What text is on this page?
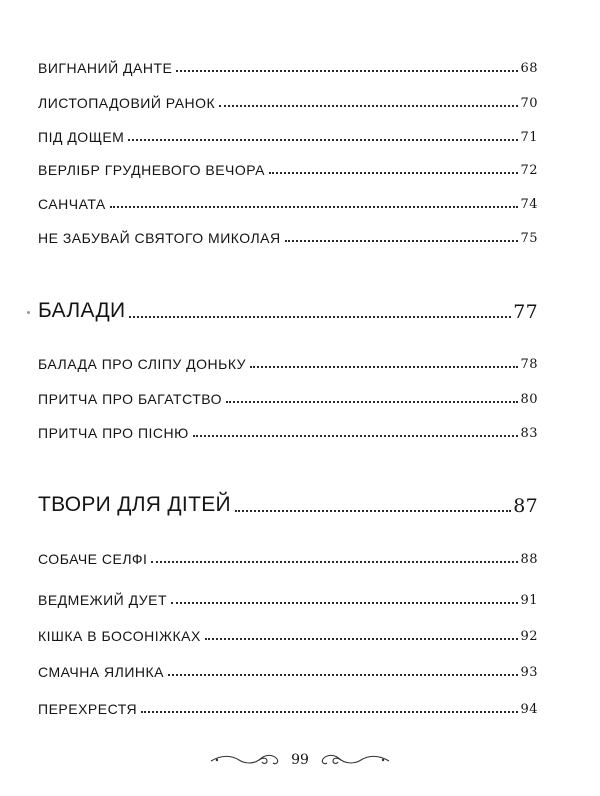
ВИГНАНИЙ ДАНТЕ	68
ЛИСТОПАДОВИЙ РАНОК	70
ПІД ДОЩЕМ	71
ВЕРЛІБР ГРУДНЕВОГО ВЕЧОРА	72
САНЧАТА	74
НЕ ЗАБУВАЙ СВЯТОГО МИКОЛАЯ	75
БАЛАДИ	77
БАЛАДА ПРО СЛІПУ ДОНЬКУ	78
ПРИТЧА ПРО БАГАТСТВО	80
ПРИТЧА ПРО ПІСНЮ	83
ТВОРИ ДЛЯ ДІТЕЙ	87
СОБАЧЕ СЕЛФІ	88
ВЕДМЕЖИЙ ДУЕТ	91
КІШКА В БОСОНІЖКАХ	92
СМАЧНА ЯЛИНКА	93
ПЕРЕХРЕСТЯ	94
99
